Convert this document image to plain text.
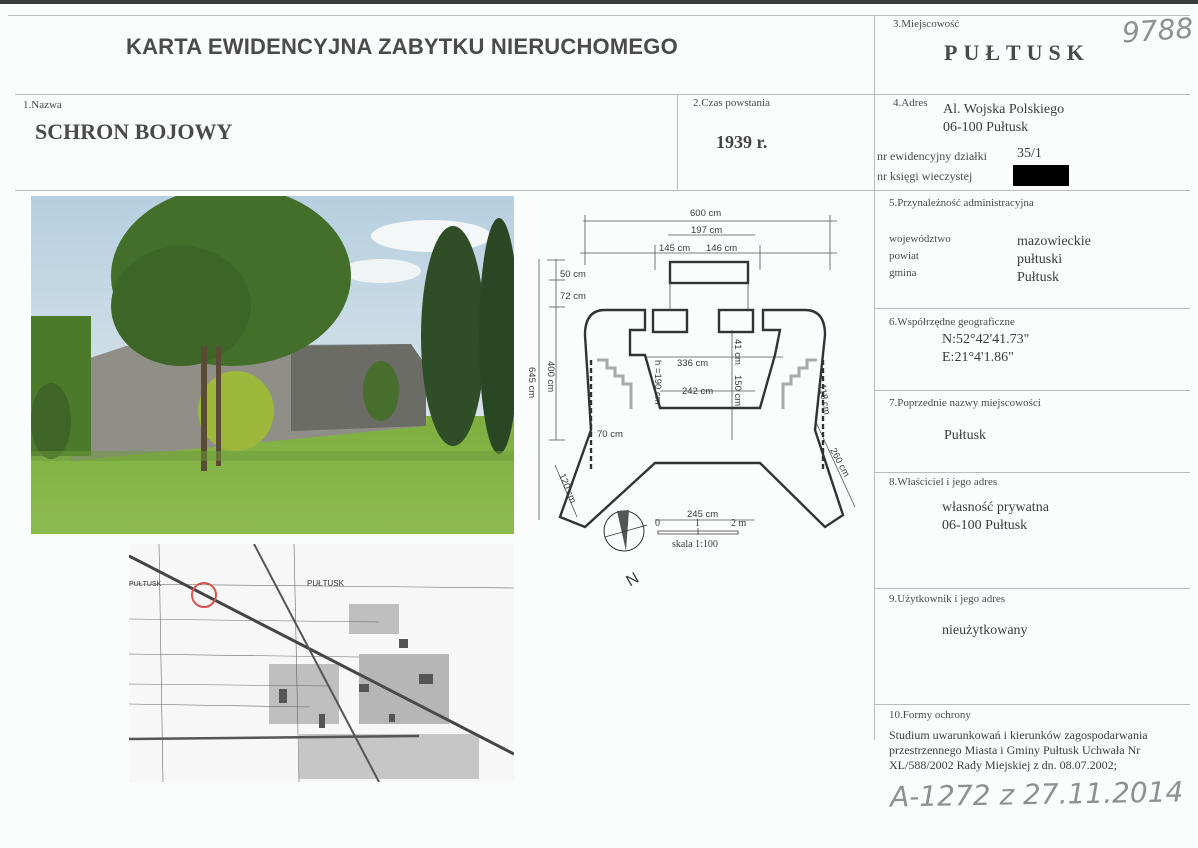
KARTA EWIDENCYJNA ZABYTKU NIERUCHOMEGO
3.Miejscowość
PUŁTUSK
9788
1.Nazwa
SCHRON BOJOWY
2.Czas powstania
1939 r.
4.Adres Al. Wojska Polskiego
06-100 Pułtusk
nr ewidencyjny działki 35/1
nr księgi wieczystej
5.Przynależność administracyjna
województwo	mazowieckie
powiat	pułtuski
gmina	Pułtusk
6.Współrzędne geograficzne
N:52°42'41.73"
E:21°4'1.86"
7.Poprzednie nazwy miejscowości
Pułtusk
8.Właściciel i jego adres
własność prywatna
06-100 Pułtusk
9.Użytkownik i jego adres
nieużytkowany
10.Formy ochrony
Studium uwarunkowań i kierunków zagospodarwania przestrzennego Miasta i Gminy Pułtusk Uchwała Nr XL/588/2002 Rady Miejskiej z dn. 08.07.2002;
A-1272 z 27.11.2014
PUŁTUSK	PUŁTUSK
600 cm
197 cm
145 cm 146 cm
50 cm
72 cm
645 cm 400 cm	336 cm	41 cm
150 cm
242 cm
h =190 cm	118 cm
70 cm
120 cm
260 cm
245 cm
N
0	1	2 m
skala 1:100
